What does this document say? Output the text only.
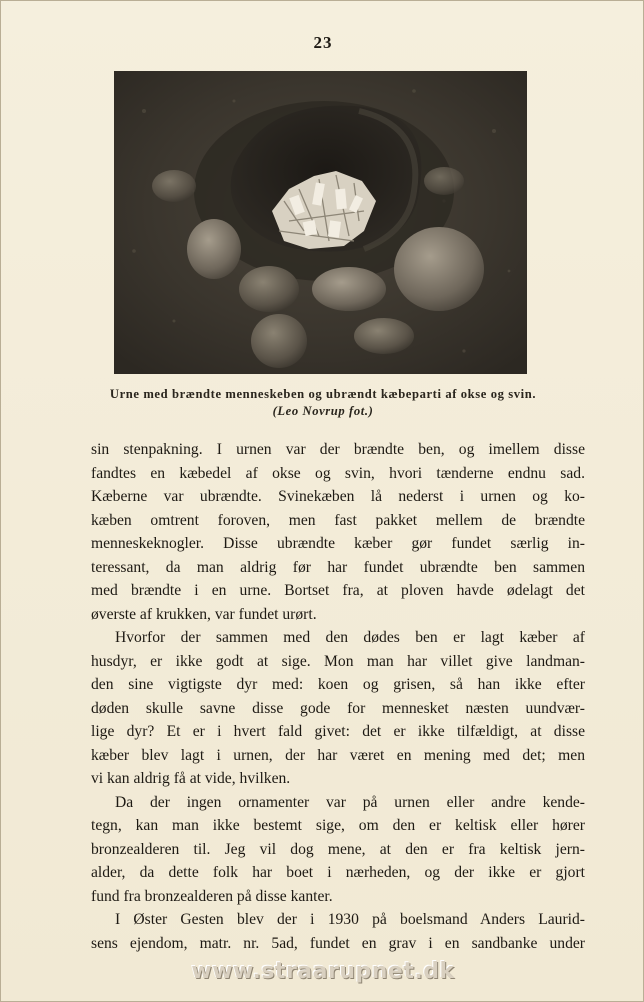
23
Urne med brændte menneskeben og ubrændt kæbeparti af okse og svin.
(Leo Novrup fot.)
sin stenpakning. I urnen var der brændte ben, og imellem disse
fandtes en kæbedel af okse og svin, hvori tænderne endnu sad.
Kæberne var ubrændte. Svinekæben lå nederst i urnen og ko-
kæben omtrent foroven, men fast pakket mellem de brændte
menneskeknogler. Disse ubrændte kæber gør fundet særlig in-
teressant, da man aldrig før har fundet ubrændte ben sammen
med brændte i en urne. Bortset fra, at ploven havde ødelagt det
øverste af krukken, var fundet urørt.
Hvorfor der sammen med den dødes ben er lagt kæber af
husdyr, er ikke godt at sige. Mon man har villet give landman-
den sine vigtigste dyr med: koen og grisen, så han ikke efter
døden skulle savne disse gode for mennesket næsten uundvær-
lige dyr? Et er i hvert fald givet: det er ikke tilfældigt, at disse
kæber blev lagt i urnen, der har været en mening med det; men
vi kan aldrig få at vide, hvilken.
Da der ingen ornamenter var på urnen eller andre kende-
tegn, kan man ikke bestemt sige, om den er keltisk eller hører
bronzealderen til. Jeg vil dog mene, at den er fra keltisk jern-
alder, da dette folk har boet i nærheden, og der ikke er gjort
fund fra bronzealderen på disse kanter.
I Øster Gesten blev der i 1930 på boelsmand Anders Laurid-
sens ejendom, matr. nr. 5ad, fundet en grav i en sandbanke under
www.straarupnet.dk
